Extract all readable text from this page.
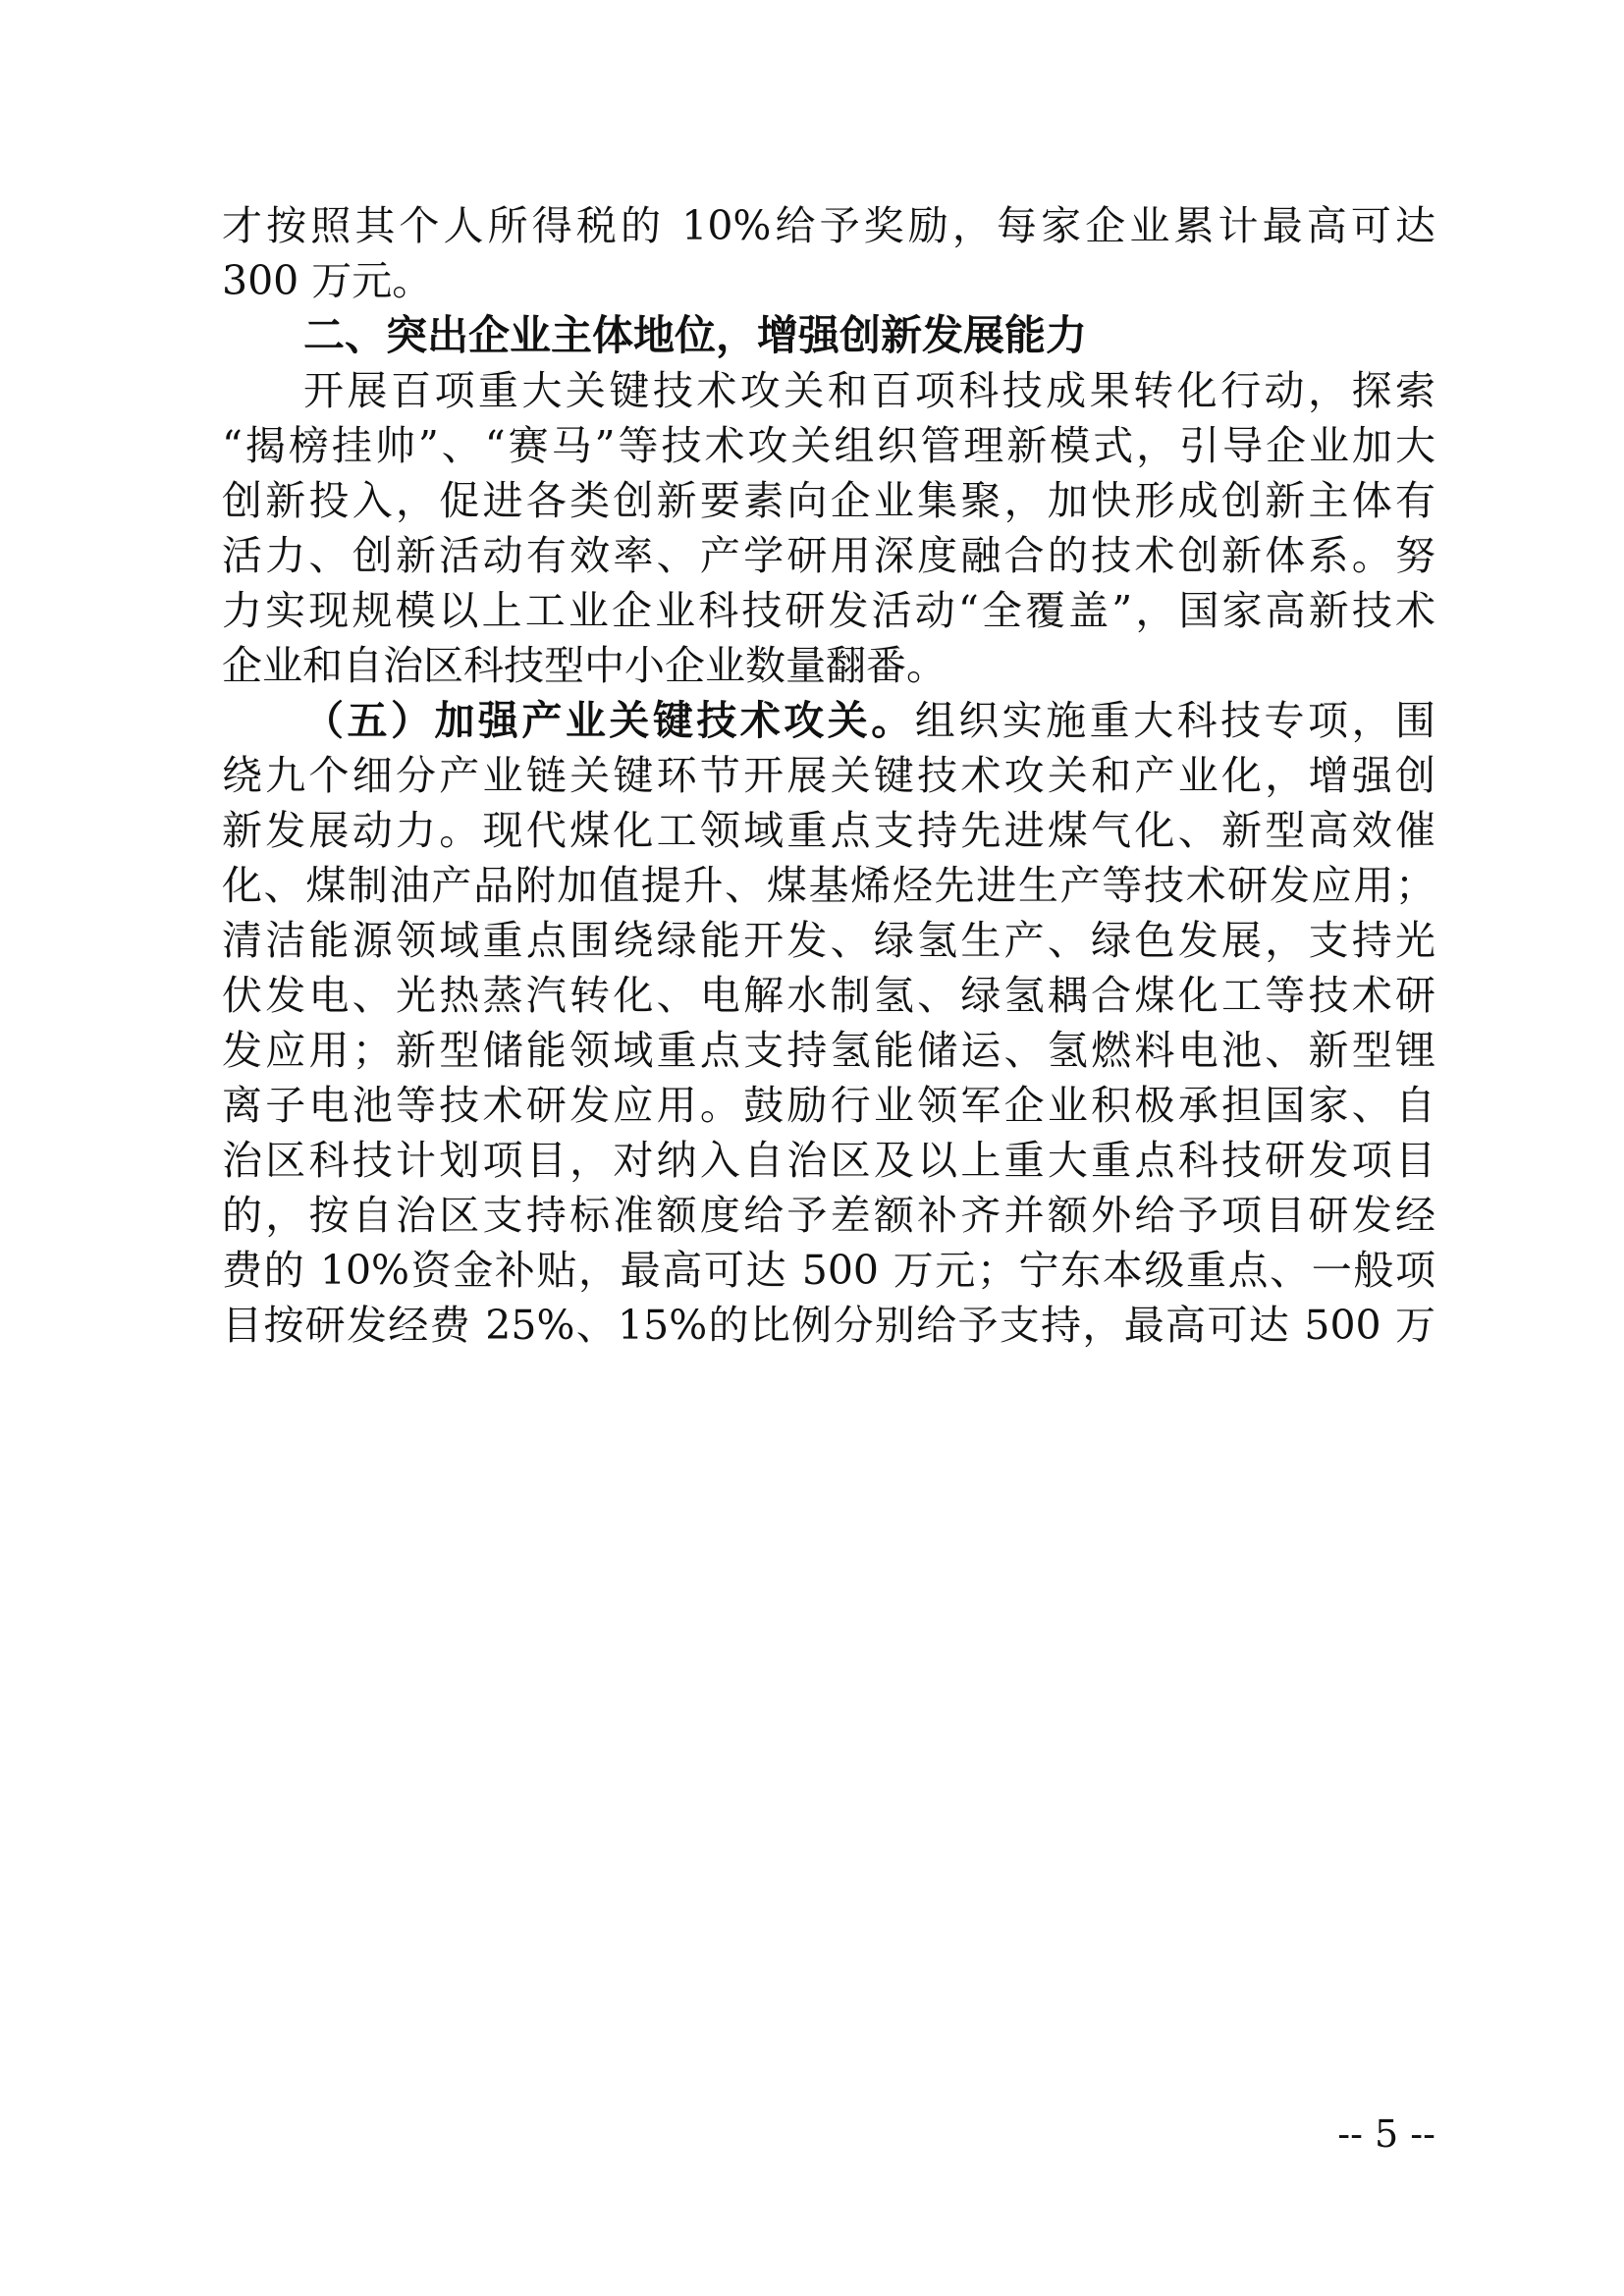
才按照其个人所得税的 10%给予奖励，每家企业累计最高可达
300 万元。
二、突出企业主体地位，增强创新发展能力
开展百项重大关键技术攻关和百项科技成果转化行动，探索
“揭榜挂帅”、“赛马”等技术攻关组织管理新模式，引导企业加大
创新投入，促进各类创新要素向企业集聚，加快形成创新主体有
活力、创新活动有效率、产学研用深度融合的技术创新体系。努
力实现规模以上工业企业科技研发活动“全覆盖”，国家高新技术
企业和自治区科技型中小企业数量翻番。
（五）加强产业关键技术攻关。组织实施重大科技专项，围
绕九个细分产业链关键环节开展关键技术攻关和产业化，增强创
新发展动力。现代煤化工领域重点支持先进煤气化、新型高效催
化、煤制油产品附加值提升、煤基烯烃先进生产等技术研发应用；
清洁能源领域重点围绕绿能开发、绿氢生产、绿色发展，支持光
伏发电、光热蒸汽转化、电解水制氢、绿氢耦合煤化工等技术研
发应用；新型储能领域重点支持氢能储运、氢燃料电池、新型锂
离子电池等技术研发应用。鼓励行业领军企业积极承担国家、自
治区科技计划项目，对纳入自治区及以上重大重点科技研发项目
的，按自治区支持标准额度给予差额补齐并额外给予项目研发经
费的 10%资金补贴，最高可达 500 万元；宁东本级重点、一般项
目按研发经费 25%、15%的比例分别给予支持，最高可达 500 万
-- 5 --
